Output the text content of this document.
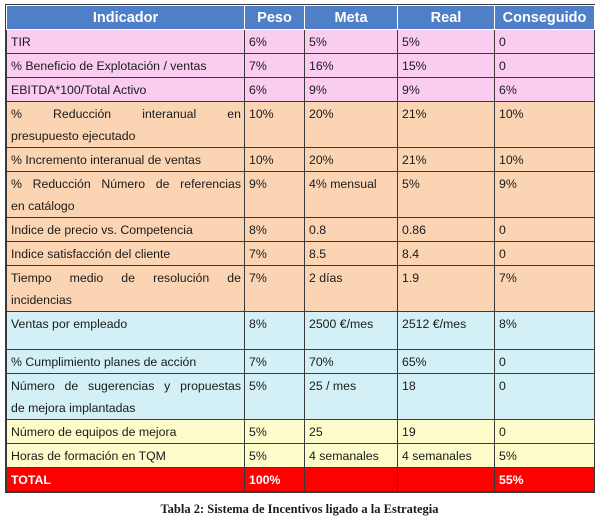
Indicador	Peso	Meta	Real	Conseguido
TIR	6%	5%	5%	0
% Beneficio de Explotación / ventas	7%	16%	15%	0
EBITDA*100/Total Activo	6%	9%	9%	6%

% Reducción interanual en
presupuesto ejecutado	10%	20%	21%	10%
% Incremento interanual de ventas	10%	20%	21%	10%

% Reducción Número de referencias
en catálogo	9%	4% mensual	5%	9%
Indice de precio vs. Competencia	8%	0.8	0.86	0
Indice satisfacción del cliente	7%	8.5	8.4	0

Tiempo medio de resolución de
incidencias	7%	2 días	1.9	7%
Ventas por empleado	8%	2500 €/mes	2512 €/mes	8%
% Cumplimiento planes de acción	7%	70%	65%	0

Número de sugerencias y propuestas
de mejora implantadas	5%	25 / mes	18	0
Número de equipos de mejora	5%	25	19	0
Horas de formación en TQM	5%	4 semanales	4 semanales	5%
TOTAL	100%			55%
Tabla 2: Sistema de Incentivos ligado a la Estrategia
